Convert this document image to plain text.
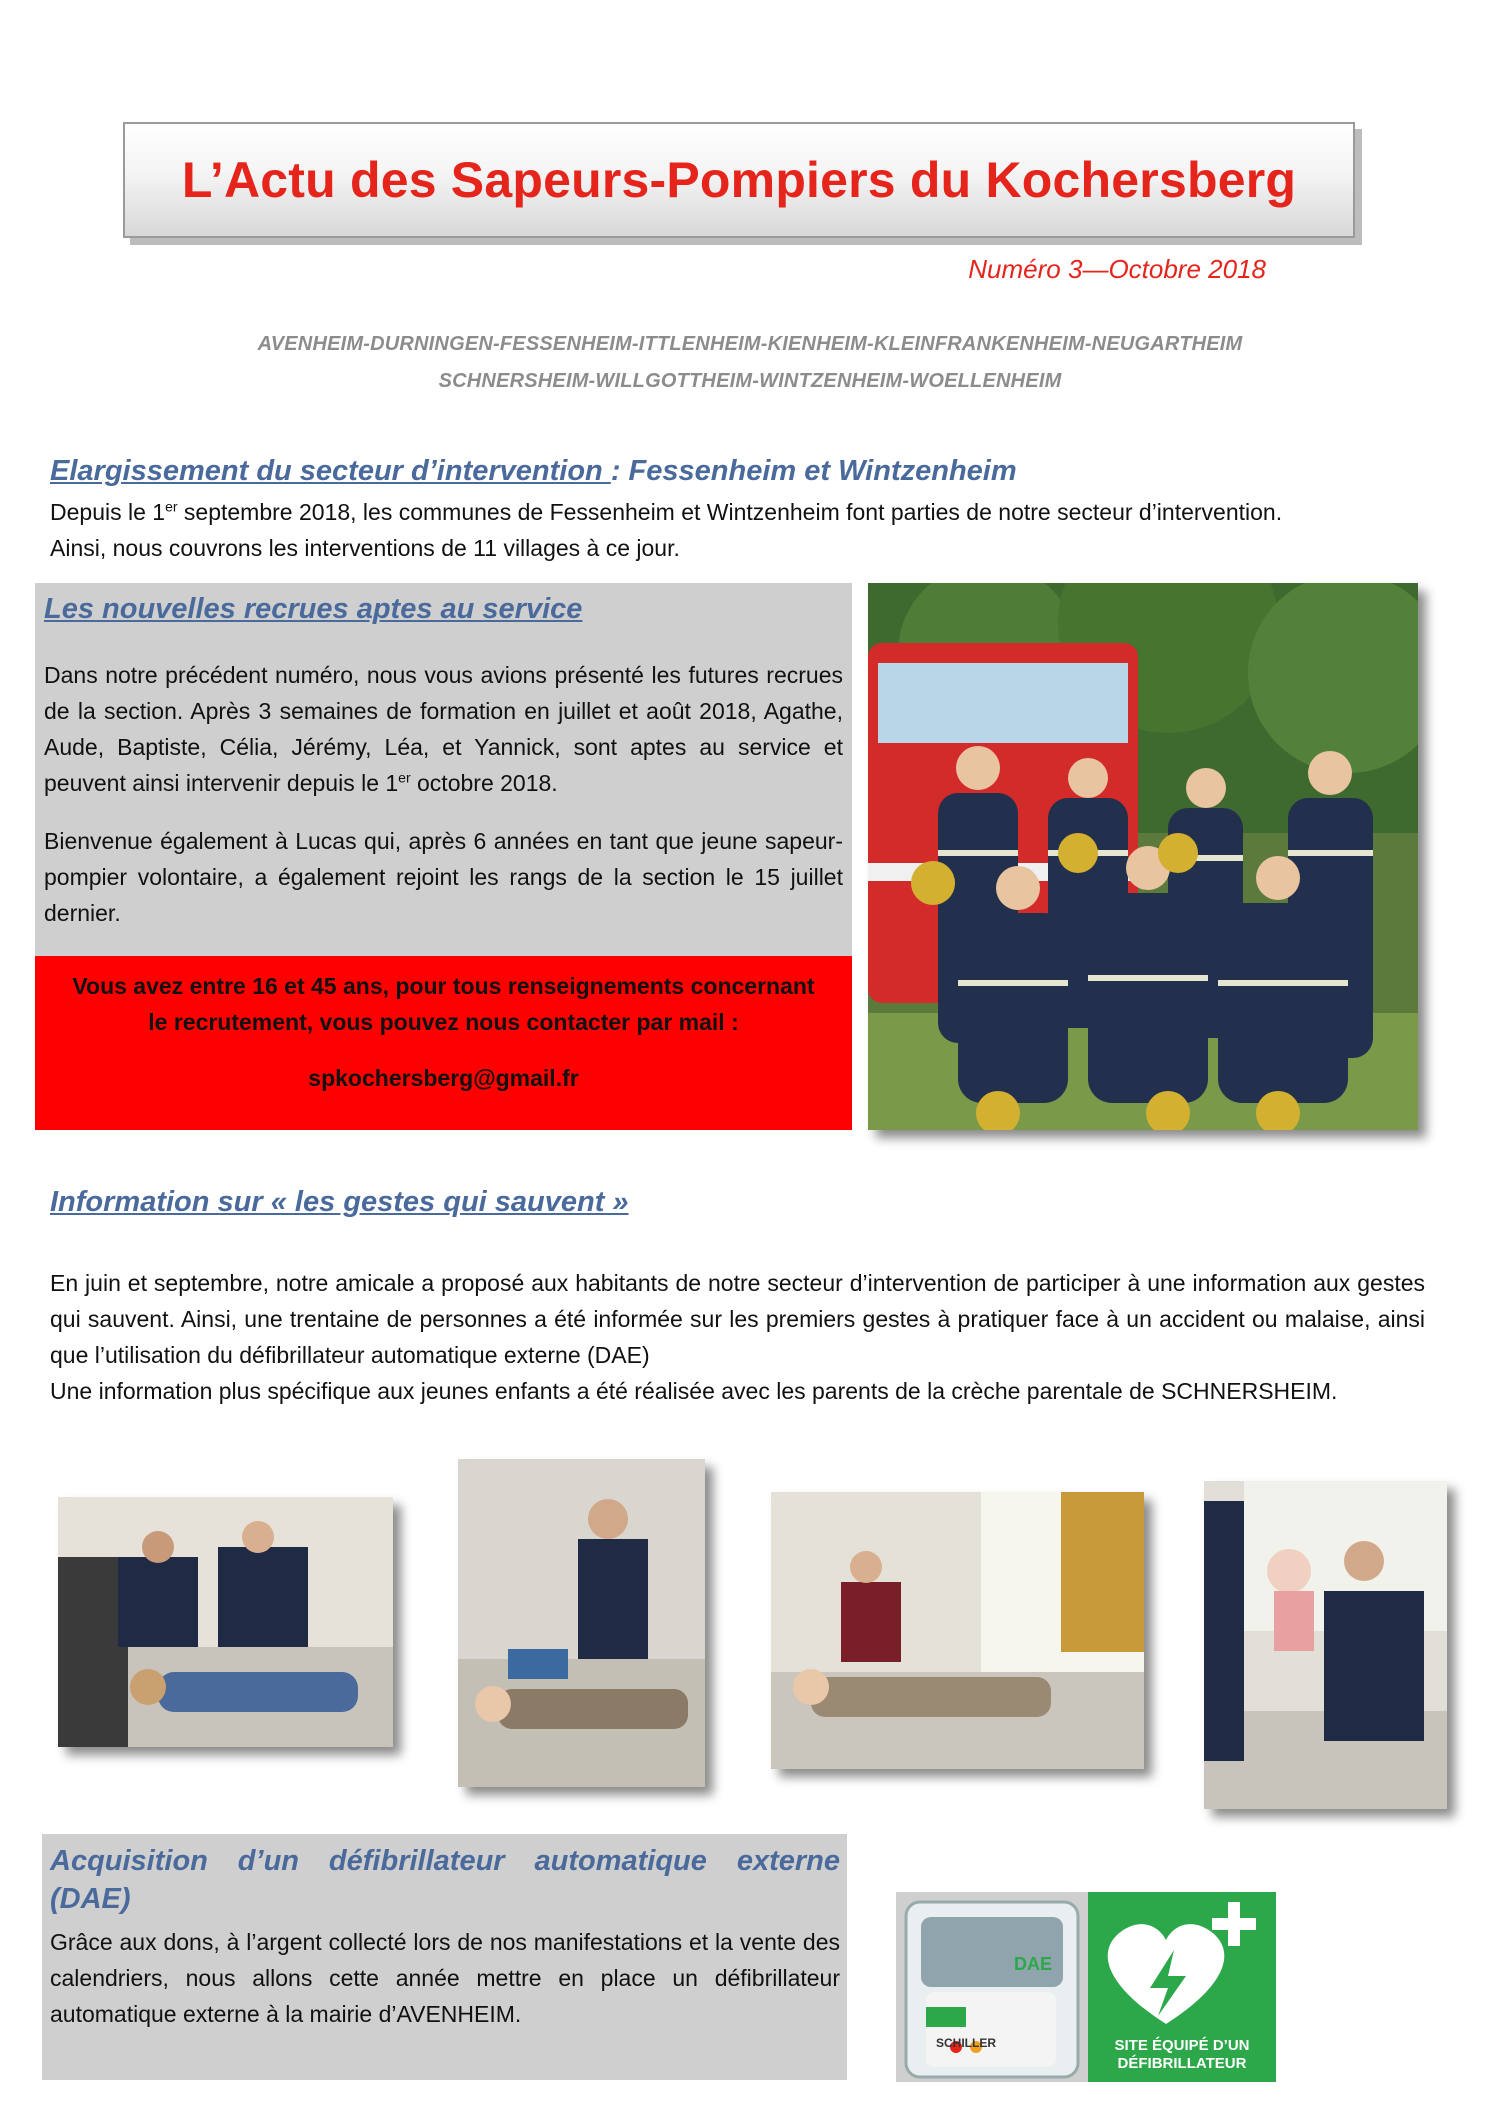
L’Actu des Sapeurs-Pompiers du Kochersberg
Numéro 3—Octobre 2018
AVENHEIM-DURNINGEN-FESSENHEIM-ITTLENHEIM-KIENHEIM-KLEINFRANKENHEIM-NEUGARTHEIM
SCHNERSHEIM-WILLGOTTHEIM-WINTZENHEIM-WOELLENHEIM
Elargissement du secteur d’intervention : Fessenheim et Wintzenheim
Depuis le 1er septembre 2018, les communes de Fessenheim et Wintzenheim font parties de notre secteur d’intervention.
Ainsi, nous couvrons les interventions de 11 villages à ce jour.
Les nouvelles recrues aptes au service
Dans notre précédent numéro, nous vous avions présenté les futures recrues de la section. Après 3 semaines de formation en juillet et août 2018, Agathe, Aude, Baptiste, Célia, Jérémy, Léa, et Yannick, sont aptes au service et peuvent ainsi intervenir depuis le 1er octobre 2018.
Bienvenue également à Lucas qui, après 6 années en tant que jeune sapeur-pompier volontaire, a également rejoint les rangs de la section le 15 juillet dernier.
Vous avez entre 16 et 45 ans, pour tous renseignements concernant
le recrutement, vous pouvez nous contacter par mail :
spkochersberg@gmail.fr
Information sur « les gestes qui sauvent »
En juin et septembre, notre amicale a proposé aux habitants de notre secteur d’intervention de participer à une information aux gestes qui sauvent. Ainsi, une trentaine de personnes a été informée sur les premiers gestes à pratiquer face à un accident ou malaise, ainsi que l’utilisation du défibrillateur automatique externe (DAE)
Une information plus spécifique aux jeunes enfants a été réalisée avec les parents de la crèche parentale de SCHNERSHEIM.
Acquisition d’un défibrillateur automatique externe (DAE)
Grâce aux dons, à l’argent collecté lors de nos manifestations et la vente des calendriers, nous allons cette année mettre en place un défibrillateur automatique externe à la mairie d’AVENHEIM.
DAE
SCHILLER	SITE ÉQUIPÉ D’UN
DÉFIBRILLATEUR
